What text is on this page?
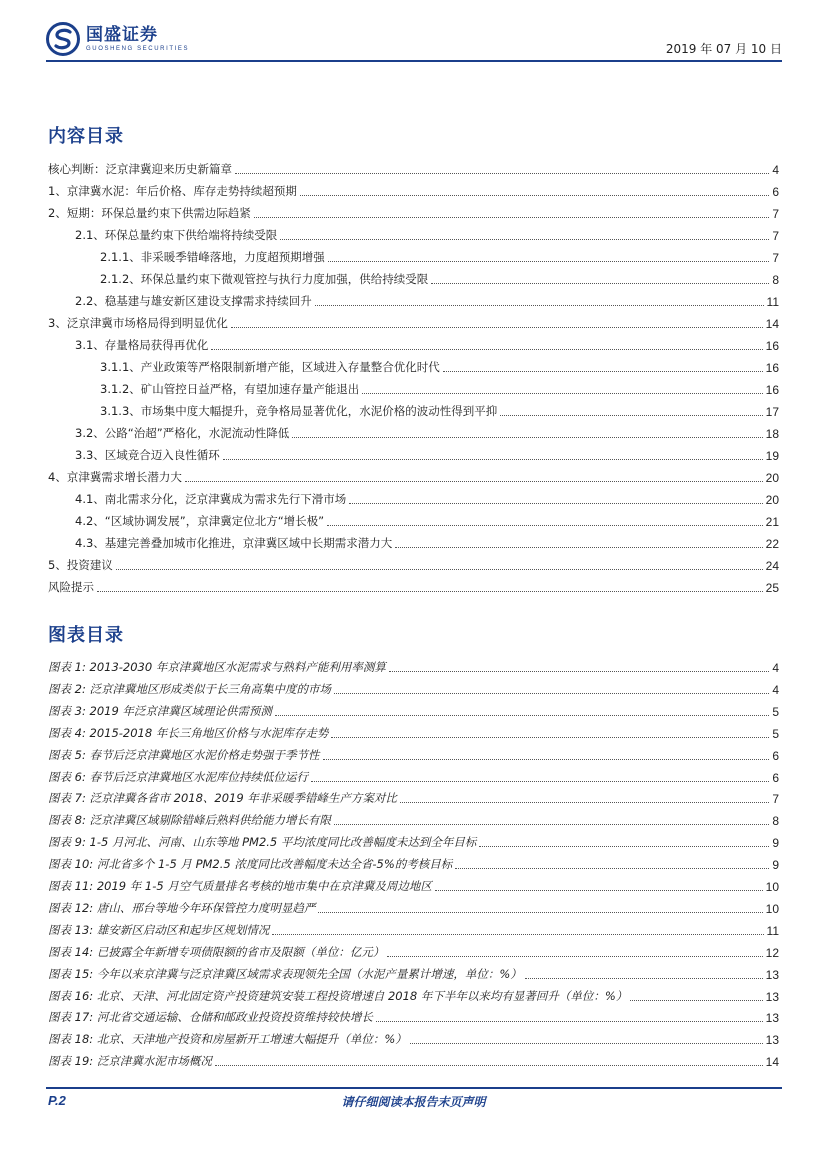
国盛证券
GUOSHENG SECURITIES	2019 年 07 月 10 日
内容目录
核心判断：泛京津冀迎来历史新篇章	4
1、京津冀水泥：年后价格、库存走势持续超预期	6
2、短期：环保总量约束下供需边际趋紧	7
2.1、环保总量约束下供给端将持续受限	7
2.1.1、非采暖季错峰落地，力度超预期增强	7
2.1.2、环保总量约束下微观管控与执行力度加强，供给持续受限	8
2.2、稳基建与雄安新区建设支撑需求持续回升	11
3、泛京津冀市场格局得到明显优化	14
3.1、存量格局获得再优化	16
3.1.1、产业政策等严格限制新增产能，区域进入存量整合优化时代	16
3.1.2、矿山管控日益严格，有望加速存量产能退出	16
3.1.3、市场集中度大幅提升，竞争格局显著优化，水泥价格的波动性得到平抑	17
3.2、公路“治超”严格化，水泥流动性降低	18
3.3、区域竞合迈入良性循环	19
4、京津冀需求增长潜力大	20
4.1、南北需求分化，泛京津冀成为需求先行下滑市场	20
4.2、“区域协调发展”，京津冀定位北方“增长极”	21
4.3、基建完善叠加城市化推进，京津冀区域中长期需求潜力大	22
5、投资建议	24
风险提示	25
图表目录
图表 1: 2013-2030 年京津冀地区水泥需求与熟料产能利用率测算	4
图表 2: 泛京津冀地区形成类似于长三角高集中度的市场	4
图表 3: 2019 年泛京津冀区域理论供需预测	5
图表 4: 2015-2018 年长三角地区价格与水泥库存走势	5
图表 5: 春节后泛京津冀地区水泥价格走势强于季节性	6
图表 6: 春节后泛京津冀地区水泥库位持续低位运行	6
图表 7: 泛京津冀各省市 2018、2019 年非采暖季错峰生产方案对比	7
图表 8: 泛京津冀区域剔除错峰后熟料供给能力增长有限	8
图表 9: 1-5 月河北、河南、山东等地 PM2.5 平均浓度同比改善幅度未达到全年目标	9
图表 10: 河北省多个 1-5 月 PM2.5 浓度同比改善幅度未达全省-5%的考核目标	9
图表 11: 2019 年 1-5 月空气质量排名考核的地市集中在京津冀及周边地区	10
图表 12: 唐山、邢台等地今年环保管控力度明显趋严	10
图表 13: 雄安新区启动区和起步区规划情况	11
图表 14: 已披露全年新增专项债限额的省市及限额（单位：亿元）	12
图表 15: 今年以来京津冀与泛京津冀区域需求表现领先全国（水泥产量累计增速，单位：%）	13
图表 16: 北京、天津、河北固定资产投资建筑安装工程投资增速自 2018 年下半年以来均有显著回升（单位：%）	13
图表 17: 河北省交通运输、仓储和邮政业投资投资维持较快增长	13
图表 18: 北京、天津地产投资和房屋新开工增速大幅提升（单位：%）	13
图表 19: 泛京津冀水泥市场概况	14
P.2	请仔细阅读本报告末页声明
